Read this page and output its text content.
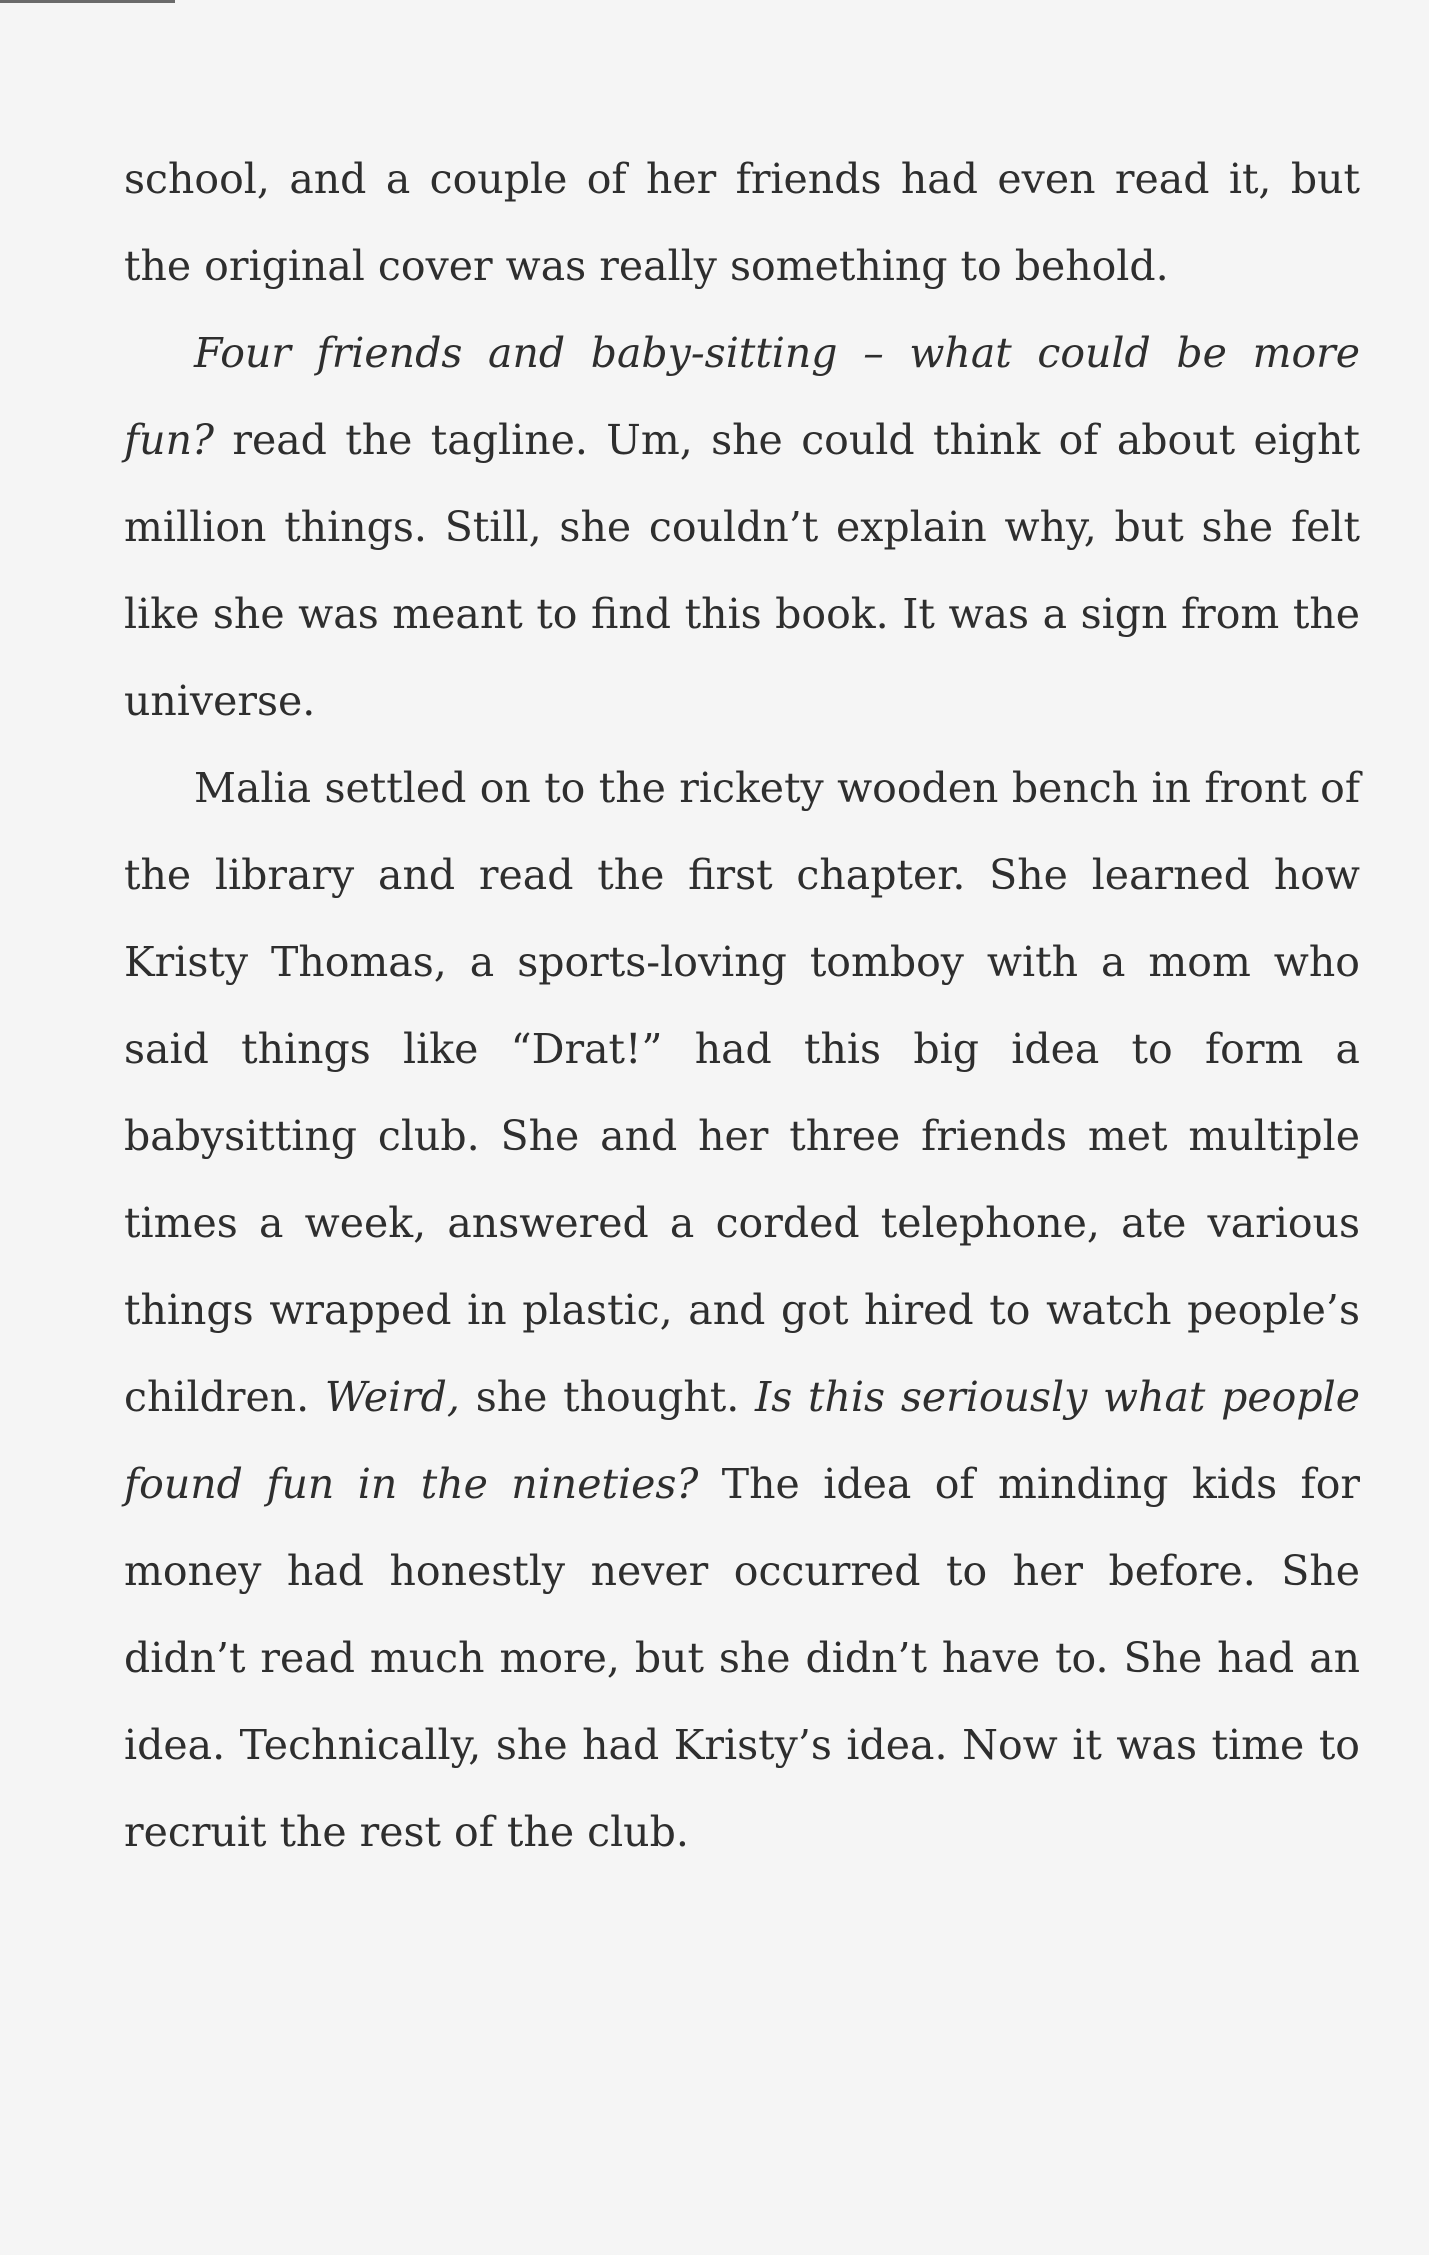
school, and a couple of her friends had even read it, but the original cover was really something to behold.

Four friends and baby-sitting – what could be more fun? read the tagline. Um, she could think of about eight million things. Still, she couldn’t explain why, but she felt like she was meant to find this book. It was a sign from the universe.

Malia settled on to the rickety wooden bench in front of the library and read the first chapter. She learned how Kristy Thomas, a sports-loving tomboy with a mom who said things like “Drat!” had this big idea to form a babysitting club. She and her three friends met multiple times a week, answered a corded telephone, ate various things wrapped in plastic, and got hired to watch people’s children. Weird, she thought. Is this seriously what people found fun in the nineties? The idea of minding kids for money had honestly never occurred to her before. She didn’t read much more, but she didn’t have to. She had an idea. Technically, she had Kristy’s idea. Now it was time to recruit the rest of the club.
